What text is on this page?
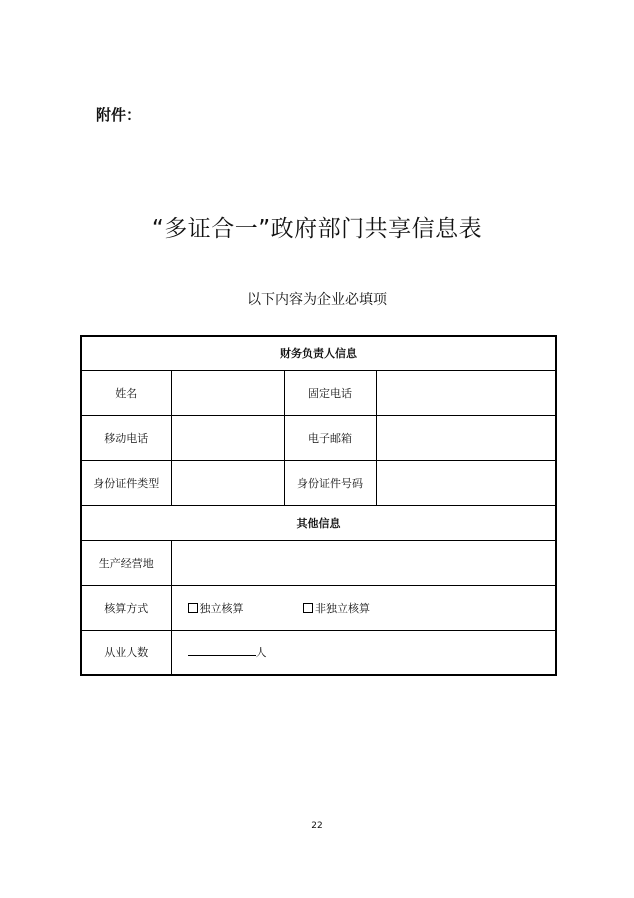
附件：
“多证合一”政府部门共享信息表
以下内容为企业必填项
财务负责人信息			
姓名		固定电话	
移动电话		电子邮箱	
身份证件类型		身份证件号码	
其他信息			
生产经营地			
核算方式	独立核算 非独立核算		
从业人数	人		
22
